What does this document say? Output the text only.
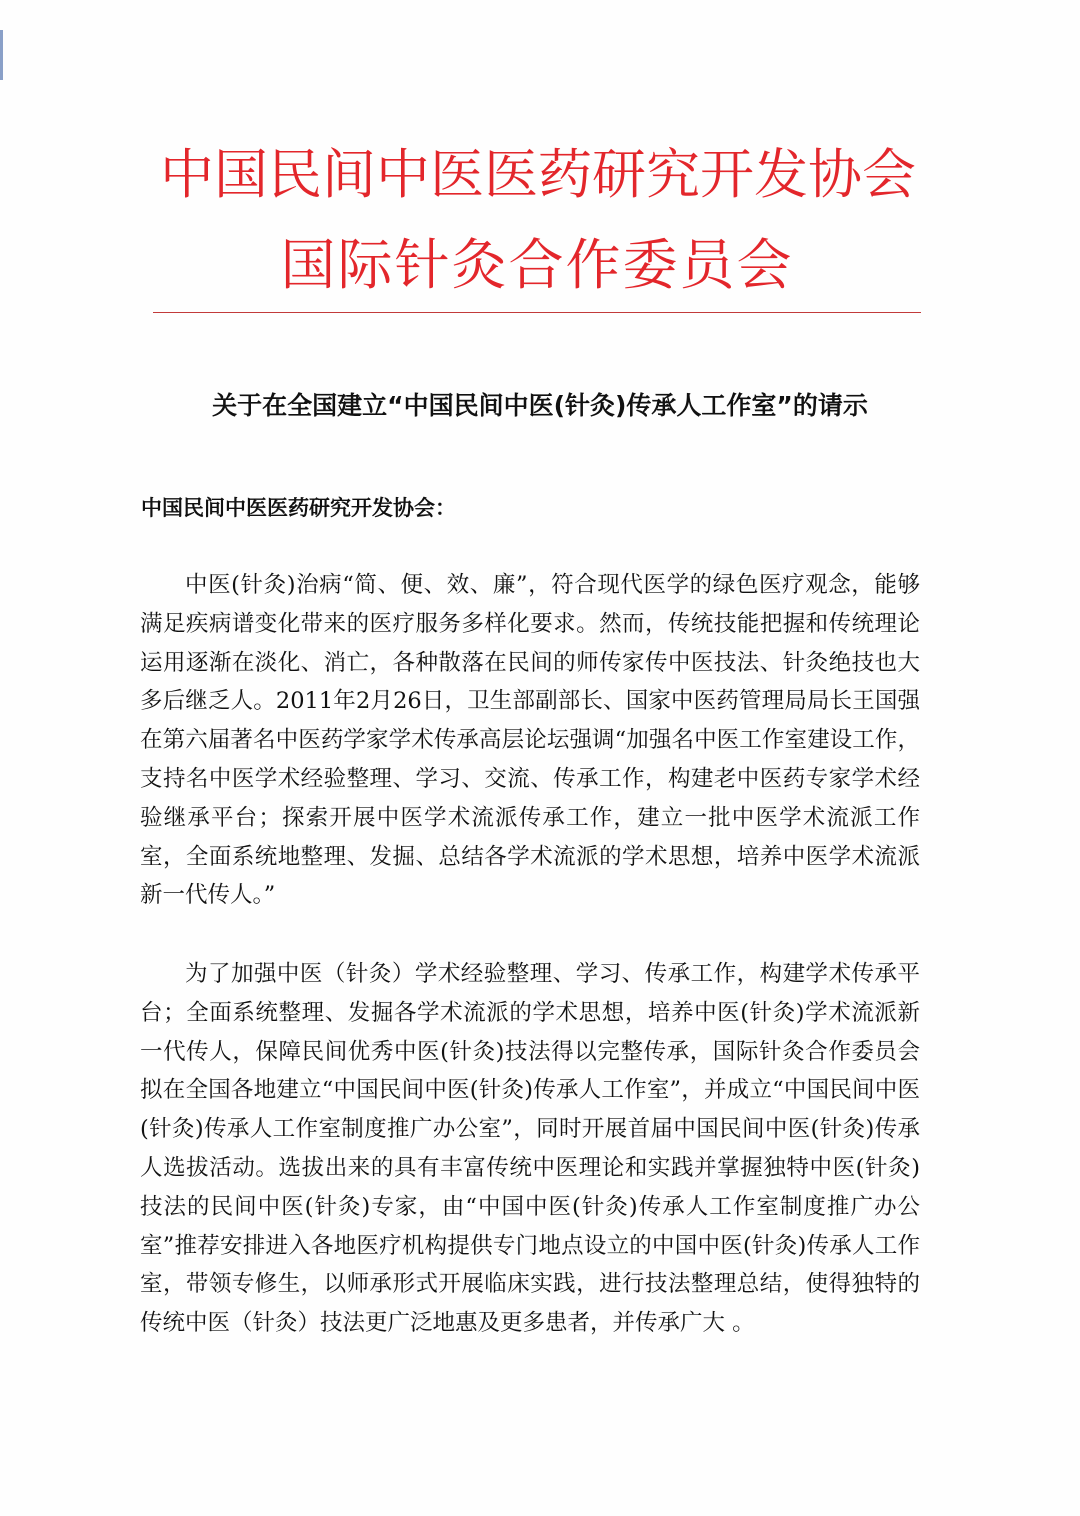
中国民间中医医药研究开发协会
国际针灸合作委员会
关于在全国建立“中国民间中医(针灸)传承人工作室”的请示

中国民间中医医药研究开发协会：

中医(针灸)治病“简、便、效、廉”，符合现代医学的绿色医疗观念，能够满足疾病谱变化带来的医疗服务多样化要求。然而，传统技能把握和传统理论运用逐渐在淡化、消亡，各种散落在民间的师传家传中医技法、针灸绝技也大多后继乏人。2011年2月26日，卫生部副部长、国家中医药管理局局长王国强在第六届著名中医药学家学术传承高层论坛强调“加强名中医工作室建设工作，支持名中医学术经验整理、学习、交流、传承工作，构建老中医药专家学术经验继承平台；探索开展中医学术流派传承工作，建立一批中医学术流派工作室，全面系统地整理、发掘、总结各学术流派的学术思想，培养中医学术流派新一代传人。”

为了加强中医（针灸）学术经验整理、学习、传承工作，构建学术传承平台；全面系统整理、发掘各学术流派的学术思想，培养中医(针灸)学术流派新一代传人，保障民间优秀中医(针灸)技法得以完整传承，国际针灸合作委员会拟在全国各地建立“中国民间中医(针灸)传承人工作室”，并成立“中国民间中医(针灸)传承人工作室制度推广办公室”，同时开展首届中国民间中医(针灸)传承人选拔活动。选拔出来的具有丰富传统中医理论和实践并掌握独特中医(针灸)技法的民间中医(针灸)专家，由“中国中医(针灸)传承人工作室制度推广办公室”推荐安排进入各地医疗机构提供专门地点设立的中国中医(针灸)传承人工作室，带领专修生，以师承形式开展临床实践，进行技法整理总结，使得独特的传统中医（针灸）技法更广泛地惠及更多患者，并传承广大 。
